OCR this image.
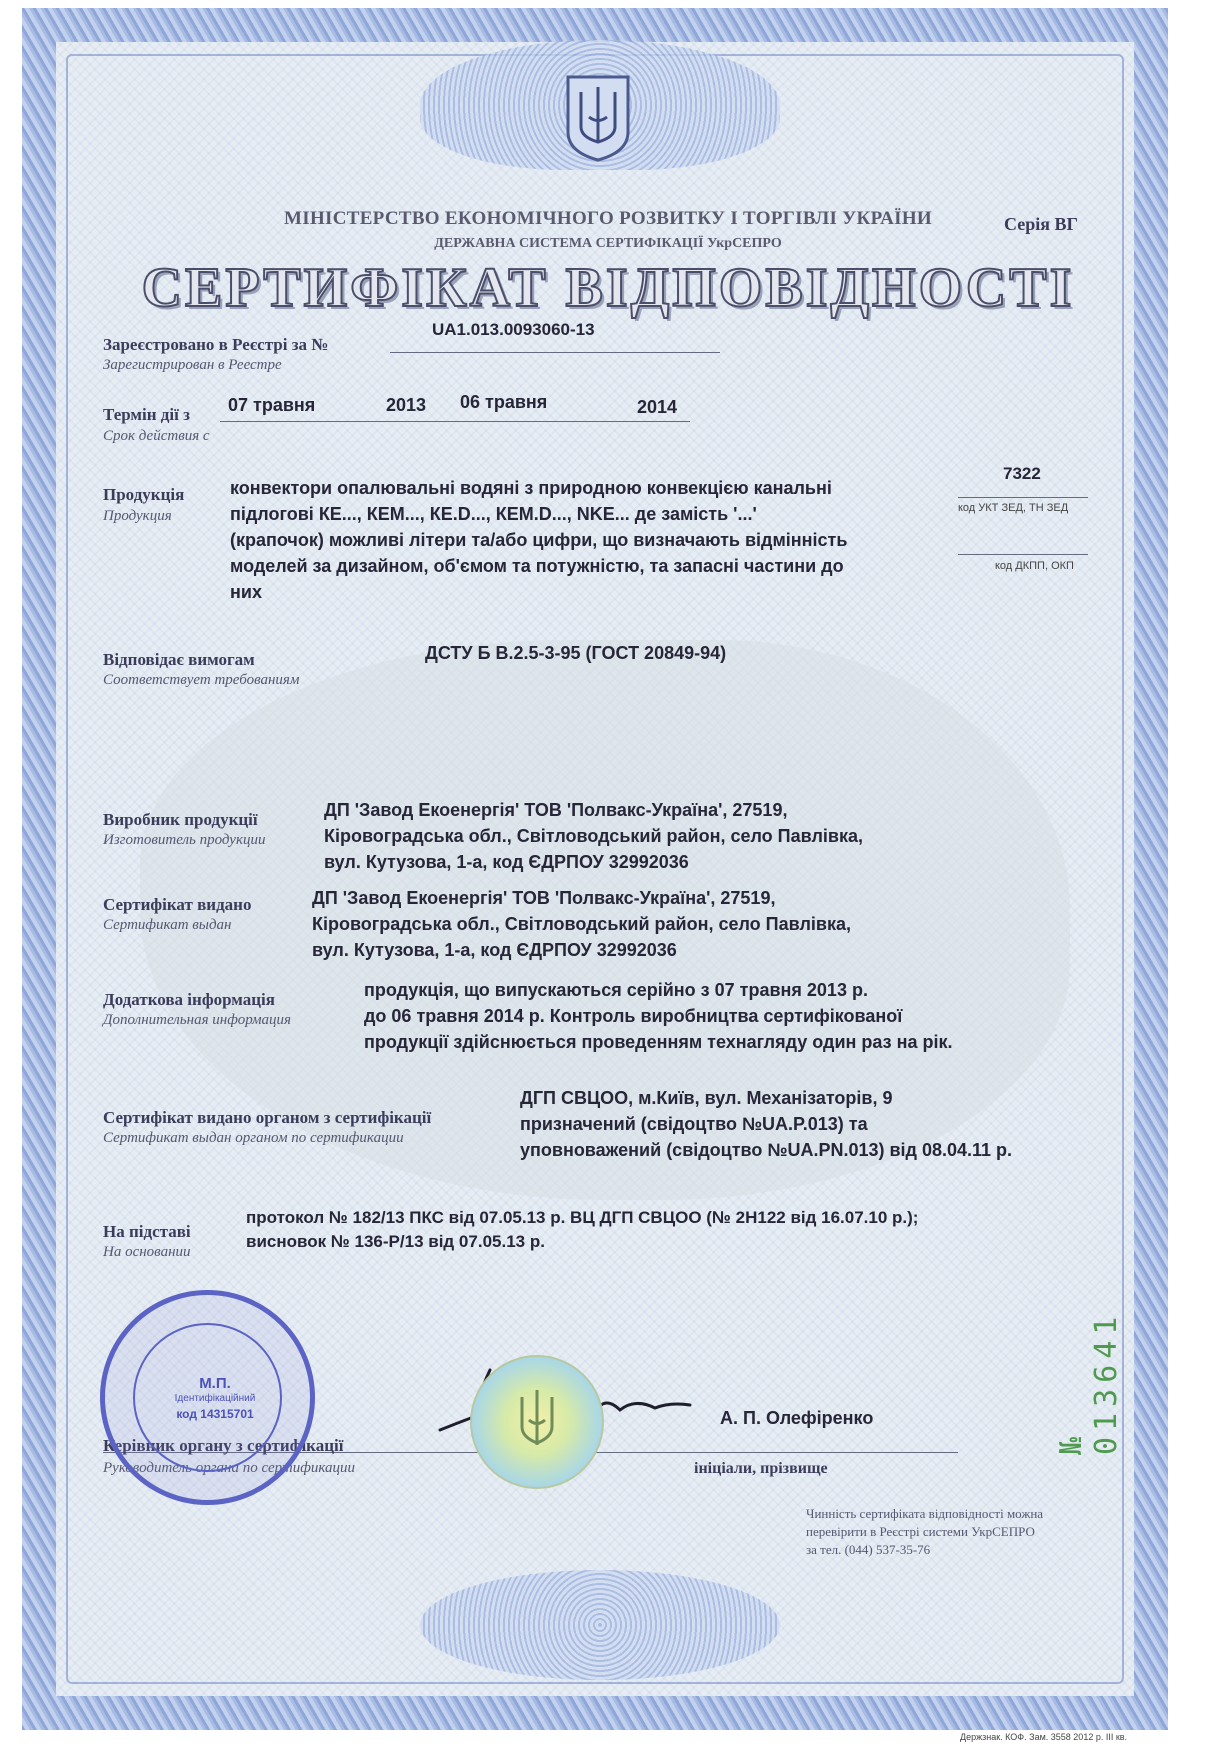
МІНІСТЕРСТВО ЕКОНОМІЧНОГО РОЗВИТКУ І ТОРГІВЛІ УКРАЇНИ
ДЕРЖАВНА СИСТЕМА СЕРТИФІКАЦІЇ УкрСЕПРО
Серія ВГ
СЕРТИФІКАТ ВІДПОВІДНОСТІ
Зареєстровано в Реєстрі за №
Зарегистрирован в Реестре
UA1.013.0093060-13
Термін дії з
Срок действия с
07 травня	2013 06 травня	2014
Продукція
Продукция
конвектори опалювальні водяні з природною конвекцією канальні
підлогові КЕ..., КЕМ..., КЕ.D..., КЕМ.D..., NKE... де замість '...'
(крапочок) можливі літери та/або цифри, що визначають відмінність
моделей за дизайном, об'ємом та потужністю, та запасні частини до
них
7322
код УКТ ЗЕД, ТН ЗЕД
код ДКПП, ОКП
Відповідає вимогам
Соответствует требованиям
ДСТУ Б В.2.5-3-95 (ГОСТ 20849-94)
Виробник продукції
Изготовитель продукции
ДП 'Завод Екоенергія' ТОВ 'Полвакс-Україна', 27519,
Кіровоградська обл., Світловодський район, село Павлівка,
вул. Кутузова, 1-а, код ЄДРПОУ 32992036
Сертифікат видано
Сертификат выдан
ДП 'Завод Екоенергія' ТОВ 'Полвакс-Україна', 27519,
Кіровоградська обл., Світловодський район, село Павлівка,
вул. Кутузова, 1-а, код ЄДРПОУ 32992036
Додаткова інформація
Дополнительная информация
продукція, що випускаються серійно з 07 травня 2013 р.
до 06 травня 2014 р. Контроль виробництва сертифікованої
продукції здійснюється проведенням технагляду один раз на рік.
Сертифікат видано органом з сертифікації
Сертификат выдан органом по сертификации
ДГП СВЦОО, м.Київ, вул. Механізаторів, 9
призначений (свідоцтво №UA.P.013) та
уповноважений (свідоцтво №UA.PN.013) від 08.04.11 р.
На підставі
На основании
протокол № 182/13 ПКС від 07.05.13 р. ВЦ ДГП СВЦОО (№ 2Н122 від 16.07.10 р.);
висновок № 136-Р/13 від 07.05.13 р.
А. П. Олефіренко
Керівник органу з сертифікації
Руководитель органа по сертификации	ініціали, прізвище
М.П.
Ідентифікаційний
код 14315701
Чинність сертифіката відповідності можна
перевірити в Реєстрі системи УкрСЕПРО
за тел. (044) 537-35-76
№ 013641
Держзнак. КОФ. Зам. 3558 2012 р. III кв.
